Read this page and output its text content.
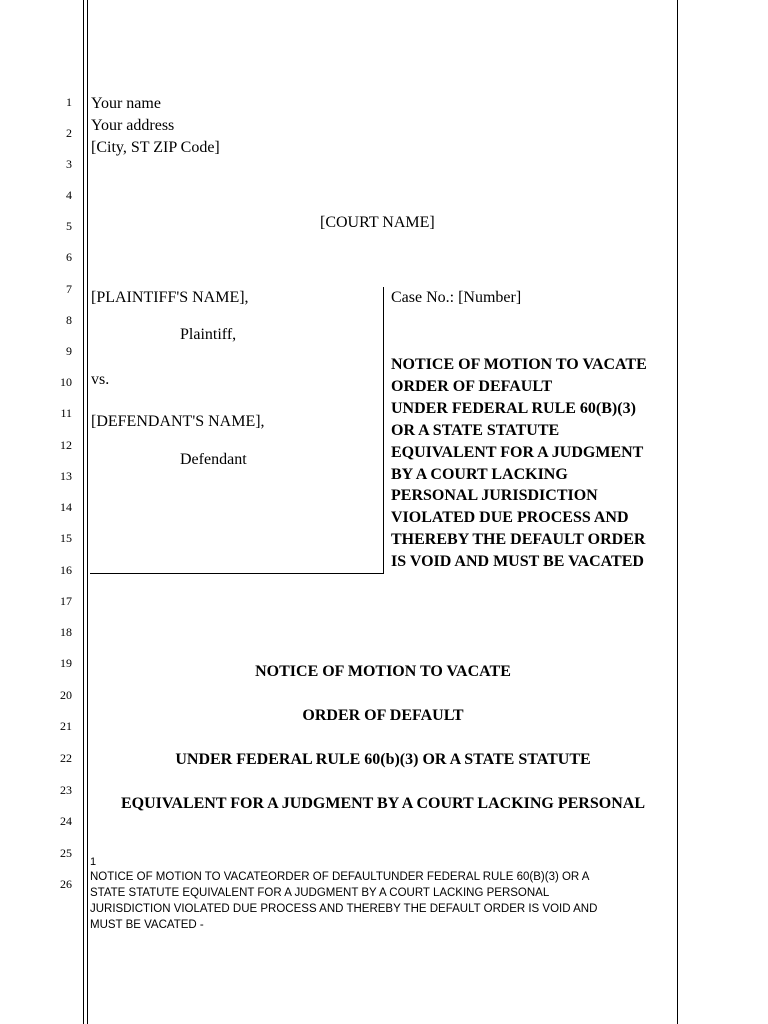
1
2
3
4
5
6
7
8
9
10
11
12
13
14
15
16
17
18
19
20
21
22
23
24
25
26
Your name
Your address
[City, ST ZIP Code]
[COURT NAME]
[PLAINTIFF'S NAME],
Plaintiff,
vs.
[DEFENDANT'S NAME],
Defendant
Case No.: [Number]
NOTICE OF MOTION TO VACATE
ORDER OF DEFAULT
UNDER FEDERAL RULE 60(B)(3)
OR A STATE STATUTE
EQUIVALENT FOR A JUDGMENT
BY A COURT LACKING
PERSONAL JURISDICTION
VIOLATED DUE PROCESS AND
THEREBY THE DEFAULT ORDER
IS VOID AND MUST BE VACATED
NOTICE OF MOTION TO VACATE
ORDER OF DEFAULT
UNDER FEDERAL RULE 60(b)(3) OR A STATE STATUTE
EQUIVALENT FOR A JUDGMENT BY A COURT LACKING PERSONAL
1
NOTICE OF MOTION TO VACATEORDER OF DEFAULTUNDER FEDERAL RULE 60(B)(3) OR A
STATE STATUTE EQUIVALENT FOR A JUDGMENT BY A COURT LACKING PERSONAL
JURISDICTION VIOLATED DUE PROCESS AND THEREBY THE DEFAULT ORDER IS VOID AND
MUST BE VACATED -
